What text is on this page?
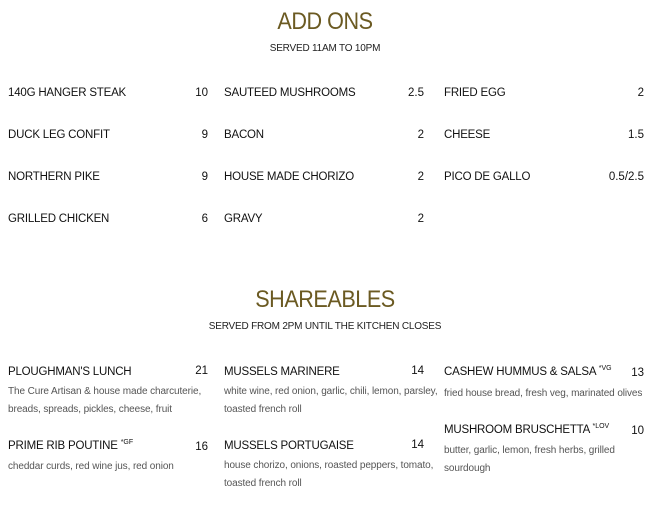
ADD ONS
SERVED 11AM TO 10PM
140G HANGER STEAK	10
DUCK LEG CONFIT	9
NORTHERN PIKE	9
GRILLED CHICKEN	6
SAUTEED MUSHROOMS	2.5
BACON	2
HOUSE MADE CHORIZO	2
GRAVY	2
FRIED EGG	2
CHEESE	1.5
PICO DE GALLO	0.5/2.5
SHAREABLES
SERVED FROM 2PM UNTIL THE KITCHEN CLOSES
PLOUGHMAN'S LUNCH	21
The Cure Artisan & house made charcuterie,
breads, spreads, pickles, cheese, fruit
PRIME RIB POUTINE $^{*GF}$	16
cheddar curds, red wine jus, red onion
MUSSELS MARINERE	14
white wine, red onion, garlic, chili, lemon, parsley,
toasted french roll
MUSSELS PORTUGAISE	14
house chorizo, onions, roasted peppers, tomato,
toasted french roll
CASHEW HUMMUS & SALSA $^{*VG}$	13
fried house bread, fresh veg, marinated olives
MUSHROOM BRUSCHETTA $^{*LOV}$	10
butter, garlic, lemon, fresh herbs, grilled
sourdough
